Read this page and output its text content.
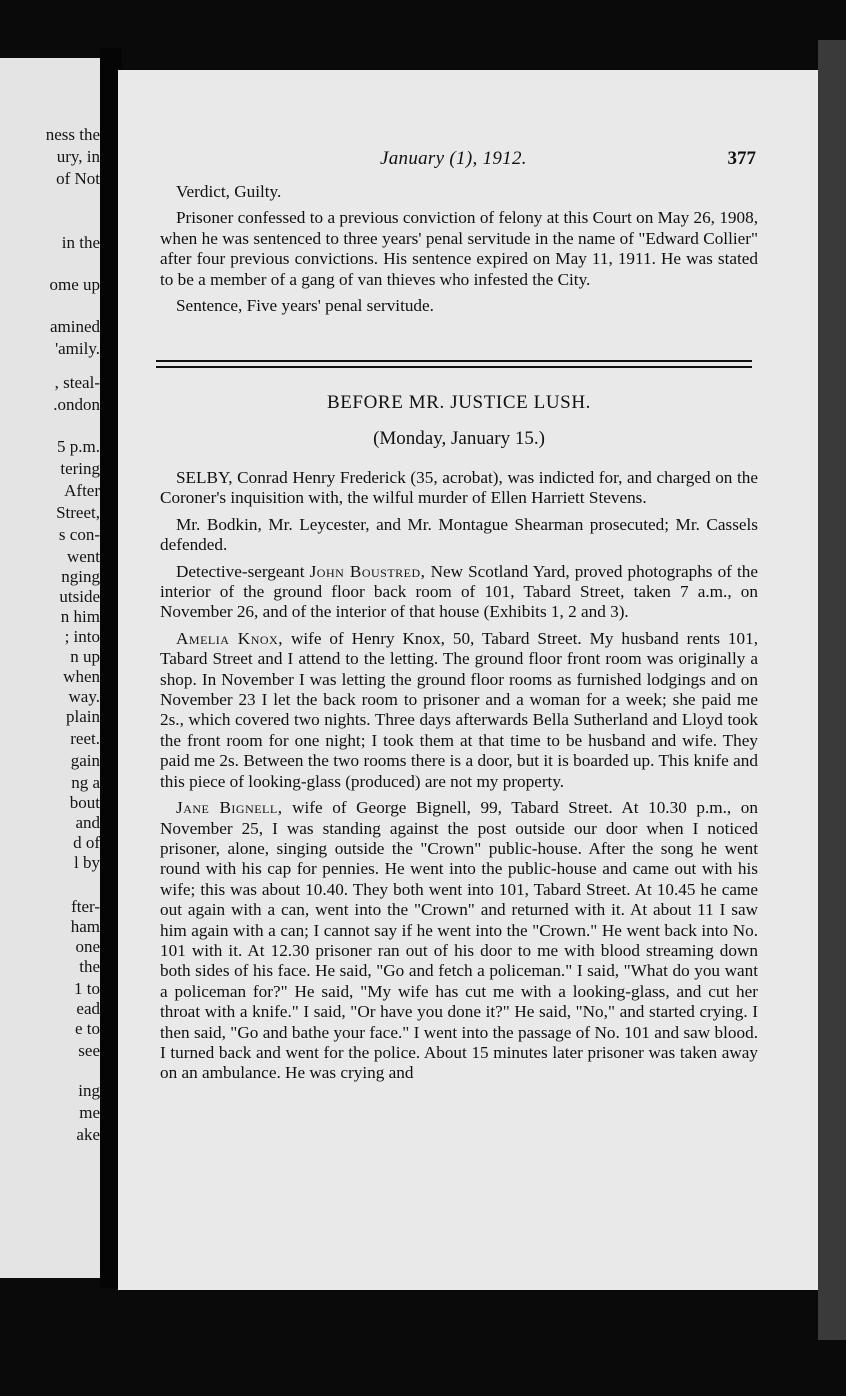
ness the
ury, in
of Not
in the
ome up
amined
'amily.
, steal-
.ondon
5 p.m.
tering
After
Street,
s con-
went
nging
utside
n him
; into
n up
when
way.
plain
reet.
gain
ng a
bout
and
d of
l by
fter-
ham
one
the
1 to
ead
e to
see
ing
me
ake
January (1), 1912.	377

Verdict, Guilty.

Prisoner confessed to a previous conviction of felony at this Court on May 26, 1908, when he was sentenced to three years' penal servitude in the name of "Edward Collier" after four previous convictions. His sentence expired on May 11, 1911. He was stated to be a member of a gang of van thieves who infested the City.

Sentence, Five years' penal servitude.

BEFORE MR. JUSTICE LUSH.
(Monday, January 15.)

SELBY, Conrad Henry Frederick (35, acrobat), was indicted for, and charged on the Coroner's inquisition with, the wilful murder of Ellen Harriett Stevens.

Mr. Bodkin, Mr. Leycester, and Mr. Montague Shearman prosecuted; Mr. Cassels defended.

Detective-sergeant John Boustred, New Scotland Yard, proved photographs of the interior of the ground floor back room of 101, Tabard Street, taken 7 a.m., on November 26, and of the interior of that house (Exhibits 1, 2 and 3).

Amelia Knox, wife of Henry Knox, 50, Tabard Street. My husband rents 101, Tabard Street and I attend to the letting. The ground floor front room was originally a shop. In November I was letting the ground floor rooms as furnished lodgings and on November 23 I let the back room to prisoner and a woman for a week; she paid me 2s., which covered two nights. Three days afterwards Bella Sutherland and Lloyd took the front room for one night; I took them at that time to be husband and wife. They paid me 2s. Between the two rooms there is a door, but it is boarded up. This knife and this piece of looking-glass (produced) are not my property.

Jane Bignell, wife of George Bignell, 99, Tabard Street. At 10.30 p.m., on November 25, I was standing against the post outside our door when I noticed prisoner, alone, singing outside the "Crown" public-house. After the song he went round with his cap for pennies. He went into the public-house and came out with his wife; this was about 10.40. They both went into 101, Tabard Street. At 10.45 he came out again with a can, went into the "Crown" and returned with it. At about 11 I saw him again with a can; I cannot say if he went into the "Crown." He went back into No. 101 with it. At 12.30 prisoner ran out of his door to me with blood streaming down both sides of his face. He said, "Go and fetch a policeman." I said, "What do you want a policeman for?" He said, "My wife has cut me with a looking-glass, and cut her throat with a knife." I said, "Or have you done it?" He said, "No," and started crying. I then said, "Go and bathe your face." I went into the passage of No. 101 and saw blood. I turned back and went for the police. About 15 minutes later prisoner was taken away on an ambulance. He was crying and
